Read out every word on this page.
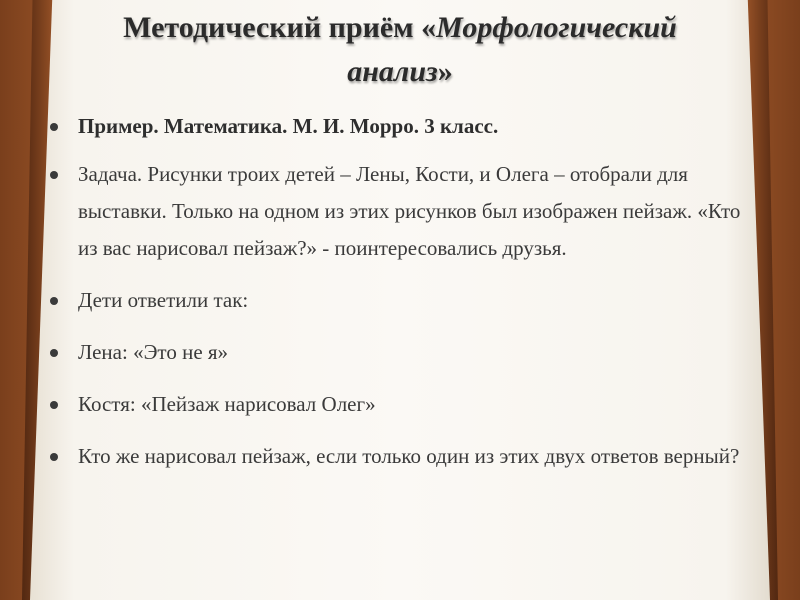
Методический приём «Морфологический
анализ»
Пример. Математика. М. И. Морро. 3 класс.
Задача. Рисунки троих детей – Лены, Кости, и Олега – отобрали для выставки. Только на одном из этих рисунков был изображен пейзаж. «Кто из вас нарисовал пейзаж?» - поинтересовались друзья.
Дети ответили так:
Лена: «Это не я»
Костя: «Пейзаж нарисовал Олег»
Кто же нарисовал пейзаж, если только один из этих двух ответов верный?
